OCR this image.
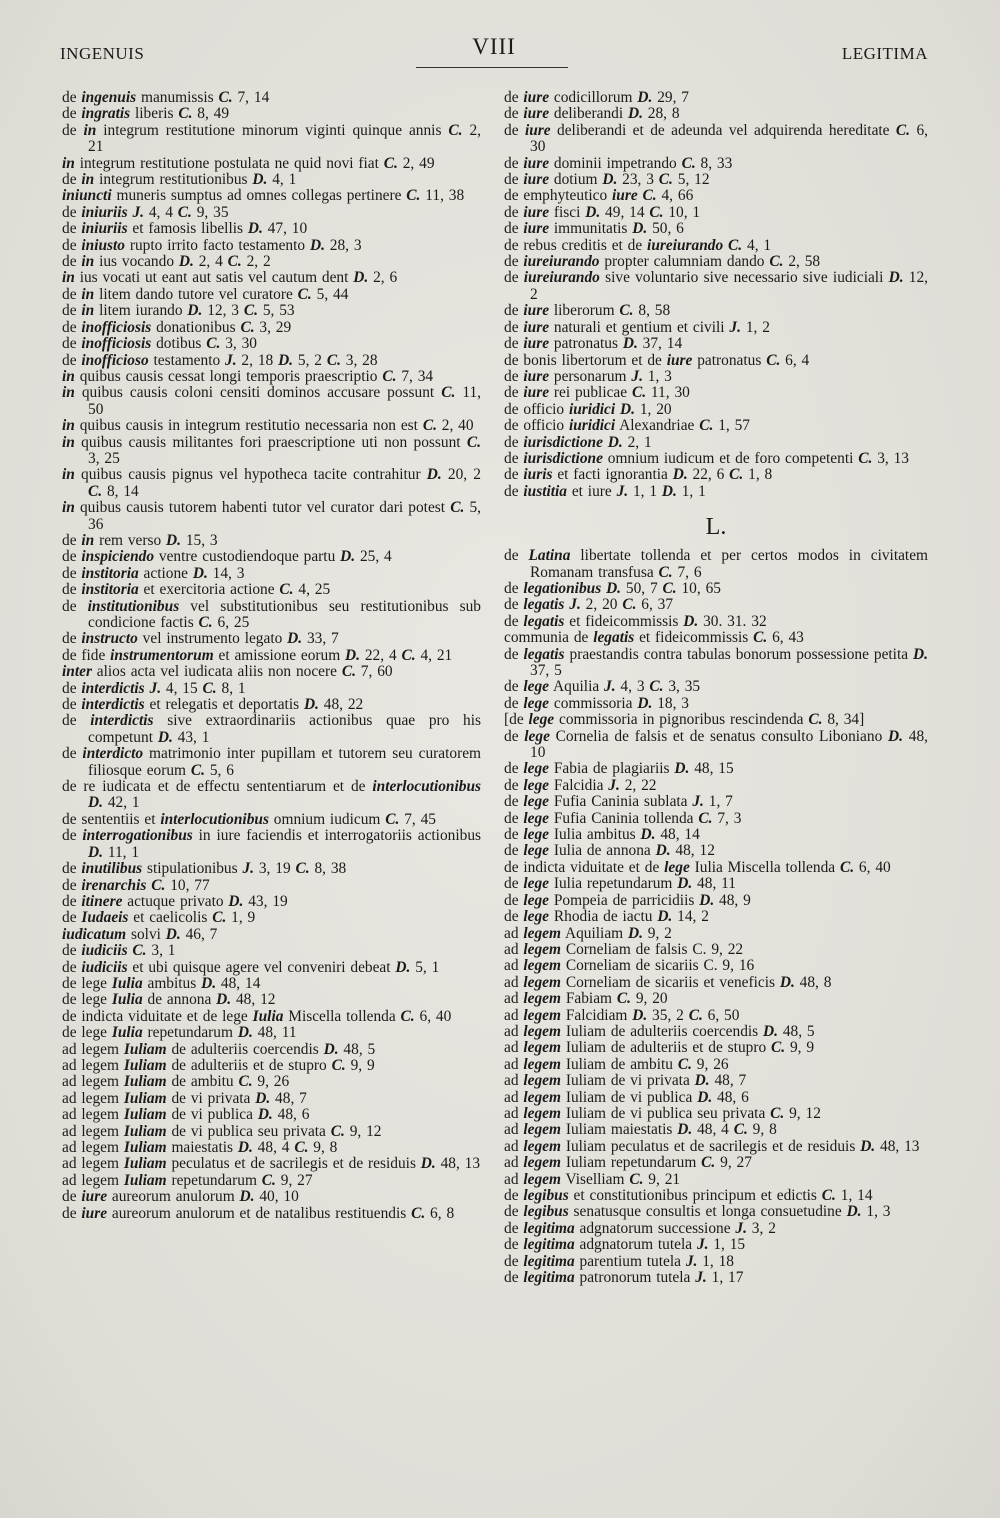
INGENUIS	VIII	LEGITIMA

de ingenuis manumissis C. 7, 14

de ingratis liberis C. 8, 49

de in integrum restitutione minorum viginti quinque annis C. 2, 21

in integrum restitutione postulata ne quid novi fiat C. 2, 49

de in integrum restitutionibus D. 4, 1

iniuncti muneris sumptus ad omnes collegas pertinere C. 11, 38

de iniuriis J. 4, 4 C. 9, 35

de iniuriis et famosis libellis D. 47, 10

de iniusto rupto irrito facto testamento D. 28, 3

de in ius vocando D. 2, 4 C. 2, 2

in ius vocati ut eant aut satis vel cautum dent D. 2, 6

de in litem dando tutore vel curatore C. 5, 44

de in litem iurando D. 12, 3 C. 5, 53

de inofficiosis donationibus C. 3, 29

de inofficiosis dotibus C. 3, 30

de inofficioso testamento J. 2, 18 D. 5, 2 C. 3, 28

in quibus causis cessat longi temporis praescriptio C. 7, 34

in quibus causis coloni censiti dominos accusare possunt C. 11, 50

in quibus causis in integrum restitutio necessaria non est C. 2, 40

in quibus causis militantes fori praescriptione uti non possunt C. 3, 25

in quibus causis pignus vel hypotheca tacite contrahitur D. 20, 2 C. 8, 14

in quibus causis tutorem habenti tutor vel curator dari potest C. 5, 36

de in rem verso D. 15, 3

de inspiciendo ventre custodiendoque partu D. 25, 4

de institoria actione D. 14, 3

de institoria et exercitoria actione C. 4, 25

de institutionibus vel substitutionibus seu restitutionibus sub condicione factis C. 6, 25

de instructo vel instrumento legato D. 33, 7

de fide instrumentorum et amissione eorum D. 22, 4 C. 4, 21

inter alios acta vel iudicata aliis non nocere C. 7, 60

de interdictis J. 4, 15 C. 8, 1

de interdictis et relegatis et deportatis D. 48, 22

de interdictis sive extraordinariis actionibus quae pro his competunt D. 43, 1

de interdicto matrimonio inter pupillam et tutorem seu curatorem filiosque eorum C. 5, 6

de re iudicata et de effectu sententiarum et de interlocutionibus D. 42, 1

de sententiis et interlocutionibus omnium iudicum C. 7, 45

de interrogationibus in iure faciendis et interrogatoriis actionibus D. 11, 1

de inutilibus stipulationibus J. 3, 19 C. 8, 38

de irenarchis C. 10, 77

de itinere actuque privato D. 43, 19

de Iudaeis et caelicolis C. 1, 9

iudicatum solvi D. 46, 7

de iudiciis C. 3, 1

de iudiciis et ubi quisque agere vel conveniri debeat D. 5, 1

de lege Iulia ambitus D. 48, 14

de lege Iulia de annona D. 48, 12

de indicta viduitate et de lege Iulia Miscella tollenda C. 6, 40

de lege Iulia repetundarum D. 48, 11

ad legem Iuliam de adulteriis coercendis D. 48, 5

ad legem Iuliam de adulteriis et de stupro C. 9, 9

ad legem Iuliam de ambitu C. 9, 26

ad legem Iuliam de vi privata D. 48, 7

ad legem Iuliam de vi publica D. 48, 6

ad legem Iuliam de vi publica seu privata C. 9, 12

ad legem Iuliam maiestatis D. 48, 4 C. 9, 8

ad legem Iuliam peculatus et de sacrilegis et de residuis D. 48, 13

ad legem Iuliam repetundarum C. 9, 27

de iure aureorum anulorum D. 40, 10

de iure aureorum anulorum et de natalibus restituendis C. 6, 8

de iure codicillorum D. 29, 7

de iure deliberandi D. 28, 8

de iure deliberandi et de adeunda vel adquirenda hereditate C. 6, 30

de iure dominii impetrando C. 8, 33

de iure dotium D. 23, 3 C. 5, 12

de emphyteutico iure C. 4, 66

de iure fisci D. 49, 14 C. 10, 1

de iure immunitatis D. 50, 6

de rebus creditis et de iureiurando C. 4, 1

de iureiurando propter calumniam dando C. 2, 58

de iureiurando sive voluntario sive necessario sive iudiciali D. 12, 2

de iure liberorum C. 8, 58

de iure naturali et gentium et civili J. 1, 2

de iure patronatus D. 37, 14

de bonis libertorum et de iure patronatus C. 6, 4

de iure personarum J. 1, 3

de iure rei publicae C. 11, 30

de officio iuridici D. 1, 20

de officio iuridici Alexandriae C. 1, 57

de iurisdictione D. 2, 1

de iurisdictione omnium iudicum et de foro competenti C. 3, 13

de iuris et facti ignorantia D. 22, 6 C. 1, 8

de iustitia et iure J. 1, 1 D. 1, 1

L.

de Latina libertate tollenda et per certos modos in civitatem Romanam transfusa C. 7, 6

de legationibus D. 50, 7 C. 10, 65

de legatis J. 2, 20 C. 6, 37

de legatis et fideicommissis D. 30. 31. 32

communia de legatis et fideicommissis C. 6, 43

de legatis praestandis contra tabulas bonorum possessione petita D. 37, 5

de lege Aquilia J. 4, 3 C. 3, 35

de lege commissoria D. 18, 3

[de lege commissoria in pignoribus rescindenda C. 8, 34]

de lege Cornelia de falsis et de senatus consulto Liboniano D. 48, 10

de lege Fabia de plagiariis D. 48, 15

de lege Falcidia J. 2, 22

de lege Fufia Caninia sublata J. 1, 7

de lege Fufia Caninia tollenda C. 7, 3

de lege Iulia ambitus D. 48, 14

de lege Iulia de annona D. 48, 12

de indicta viduitate et de lege Iulia Miscella tollenda C. 6, 40

de lege Iulia repetundarum D. 48, 11

de lege Pompeia de parricidiis D. 48, 9

de lege Rhodia de iactu D. 14, 2

ad legem Aquiliam D. 9, 2

ad legem Corneliam de falsis C. 9, 22

ad legem Corneliam de sicariis C. 9, 16

ad legem Corneliam de sicariis et veneficis D. 48, 8

ad legem Fabiam C. 9, 20

ad legem Falcidiam D. 35, 2 C. 6, 50

ad legem Iuliam de adulteriis coercendis D. 48, 5

ad legem Iuliam de adulteriis et de stupro C. 9, 9

ad legem Iuliam de ambitu C. 9, 26

ad legem Iuliam de vi privata D. 48, 7

ad legem Iuliam de vi publica D. 48, 6

ad legem Iuliam de vi publica seu privata C. 9, 12

ad legem Iuliam maiestatis D. 48, 4 C. 9, 8

ad legem Iuliam peculatus et de sacrilegis et de residuis D. 48, 13

ad legem Iuliam repetundarum C. 9, 27

ad legem Viselliam C. 9, 21

de legibus et constitutionibus principum et edictis C. 1, 14

de legibus senatusque consultis et longa consuetudine D. 1, 3

de legitima adgnatorum successione J. 3, 2

de legitima adgnatorum tutela J. 1, 15

de legitima parentium tutela J. 1, 18

de legitima patronorum tutela J. 1, 17
